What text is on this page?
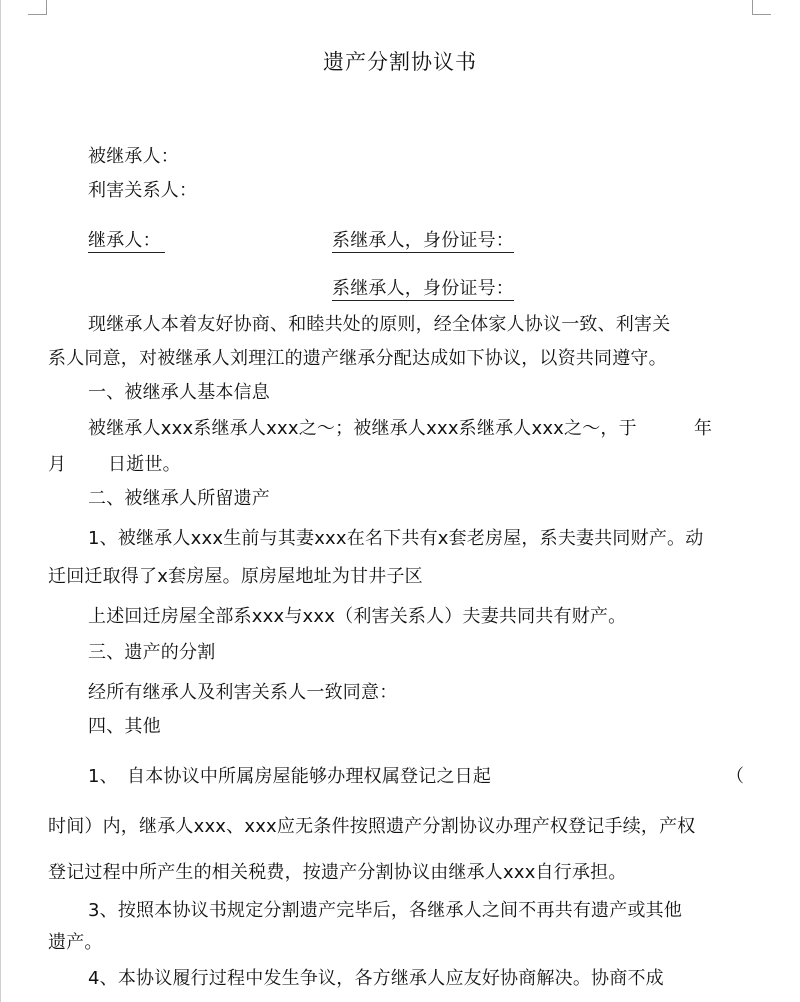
遗产分割协议书
被继承人：
利害关系人：
继承人：	系继承人，身份证号：
系继承人，身份证号：
现继承人本着友好协商、和睦共处的原则，经全体家人协议一致、利害关
系人同意，对被继承人刘理江的遗产继承分配达成如下协议，以资共同遵守。
一、被继承人基本信息
被继承人xxx系继承人xxx之～；被继承人xxx系继承人xxx之～，于	年
月 日逝世。
二、被继承人所留遗产
1、被继承人xxx生前与其妻xxx在名下共有x套老房屋，系夫妻共同财产。动
迁回迁取得了x套房屋。原房屋地址为甘井子区
上述回迁房屋全部系xxx与xxx（利害关系人）夫妻共同共有财产。
三、遗产的分割
经所有继承人及利害关系人一致同意：
四、其他
1、　自本协议中所属房屋能够办理权属登记之日起	（
时间）内，继承人xxx、xxx应无条件按照遗产分割协议办理产权登记手续，产权
登记过程中所产生的相关税费，按遗产分割协议由继承人xxx自行承担。
3、按照本协议书规定分割遗产完毕后，各继承人之间不再共有遗产或其他
遗产。
4、本协议履行过程中发生争议，各方继承人应友好协商解决。协商不成
